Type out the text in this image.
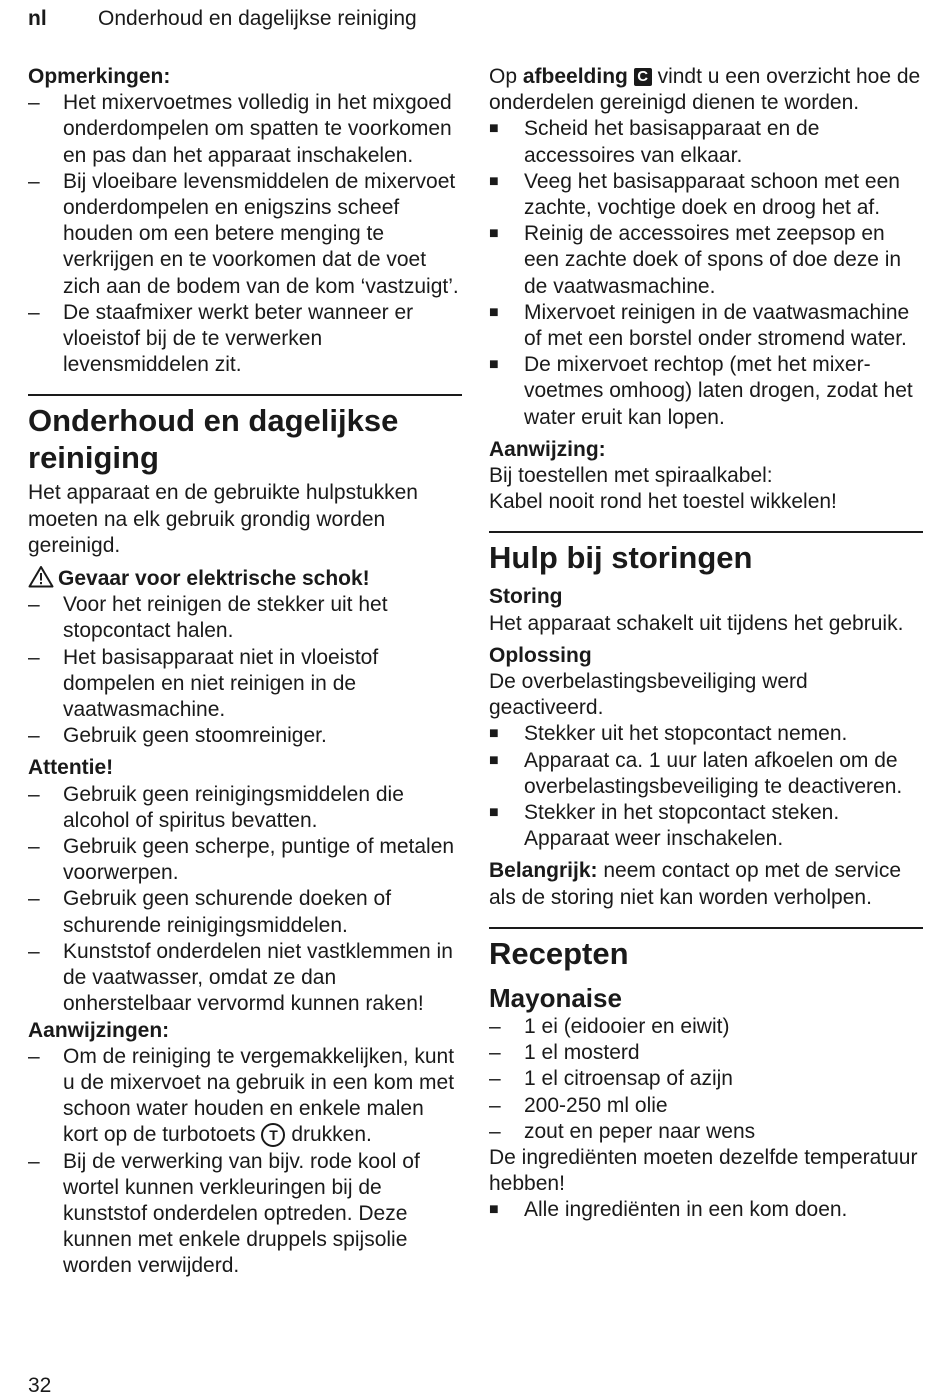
nl Onderhoud en dagelijkse reiniging

Opmerkingen:

–	Het mixervoetmes volledig in het mixgoed onderdompelen om spatten te voorkomen en pas dan het apparaat inschakelen.
–	Bij vloeibare levensmiddelen de mixervoet onderdompelen en enigszins scheef houden om een betere menging te verkrijgen en te voorkomen dat de voet zich aan de bodem van de kom ‘vastzuigt’.
–	De staafmixer werkt beter wanneer er vloeistof bij de te verwerken levensmiddelen zit.

Onderhoud en dagelijkse reiniging

Het apparaat en de gebruikte hulpstukken moeten na elk gebruik grondig worden gereinigd.

Gevaar voor elektrische schok!

–	Voor het reinigen de stekker uit het stopcontact halen.
–	Het basisapparaat niet in vloeistof dompelen en niet reinigen in de vaatwasmachine.
–	Gebruik geen stoomreiniger.

Attentie!

–	Gebruik geen reinigingsmiddelen die alcohol of spiritus bevatten.
–	Gebruik geen scherpe, puntige of metalen voorwerpen.
–	Gebruik geen schurende doeken of schurende reinigingsmiddelen.
–	Kunststof onderdelen niet vastklemmen in de vaatwasser, omdat ze dan onherstelbaar vervormd kunnen raken!

Aanwijzingen:

–	Om de reiniging te vergemakkelijken, kunt u de mixervoet na gebruik in een kom met schoon water houden en enkele malen kort op de turbotoets T drukken.
–	Bij de verwerking van bijv. rode kool of wortel kunnen verkleuringen bij de kunststof onderdelen optreden. Deze kunnen met enkele druppels spijsolie worden verwijderd.

Op afbeelding C vindt u een overzicht hoe de onderdelen gereinigd dienen te worden.

■	Scheid het basisapparaat en de accessoires van elkaar.
■	Veeg het basisapparaat schoon met een zachte, vochtige doek en droog het af.
■	Reinig de accessoires met zeepsop en een zachte doek of spons of doe deze in de vaatwasmachine.
■	Mixervoet reinigen in de vaatwasmachine of met een borstel onder stromend water.
■	De mixervoet rechtop (met het mixervoetmes omhoog) laten drogen, zodat het water eruit kan lopen.

Aanwijzing:

Bij toestellen met spiraalkabel:

Kabel nooit rond het toestel wikkelen!

Hulp bij storingen

Storing

Het apparaat schakelt uit tijdens het gebruik.

Oplossing

De overbelastingsbeveiliging werd geactiveerd.

■	Stekker uit het stopcontact nemen.
■	Apparaat ca. 1 uur laten afkoelen om de overbelastingsbeveiliging te deactiveren.
■	Stekker in het stopcontact steken. Apparaat weer inschakelen.

Belangrijk: neem contact op met de service als de storing niet kan worden verholpen.

Recepten

Mayonaise

–	1 ei (eidooier en eiwit)
–	1 el mosterd
–	1 el citroensap of azijn
–	200-250 ml olie
–	zout en peper naar wens

De ingrediënten moeten dezelfde temperatuur hebben!

■	Alle ingrediënten in een kom doen.
32
